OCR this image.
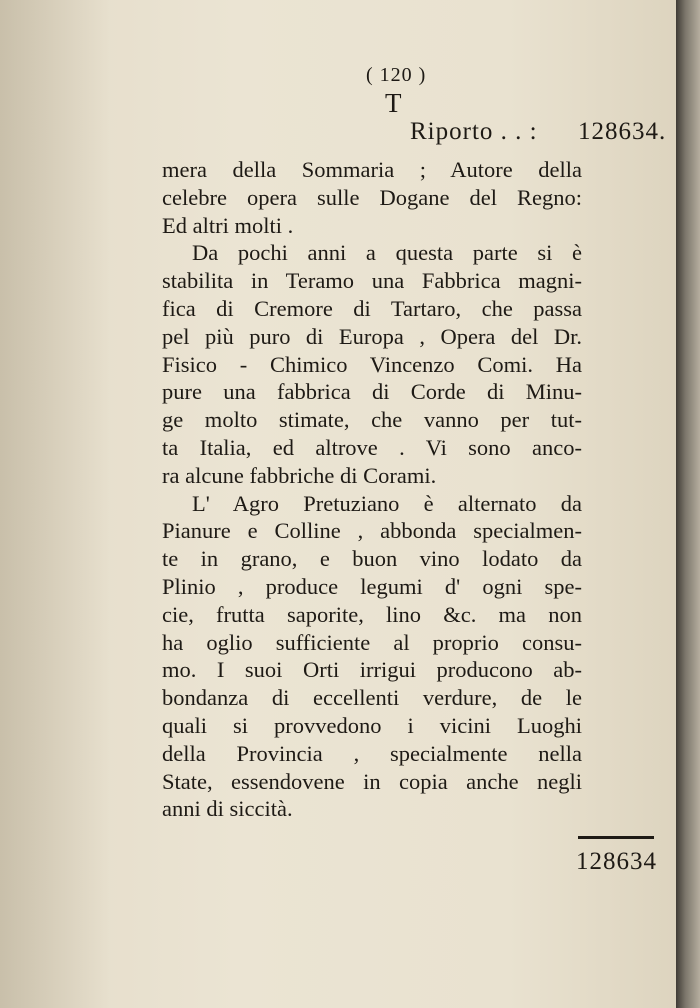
( 120 )
T
Riporto . . : 128634.
mera della Sommaria ; Autore della
celebre opera sulle Dogane del Regno:
Ed altri molti .
Da pochi anni a questa parte si è
stabilita in Teramo una Fabbrica magni-
fica di Cremore di Tartaro, che passa
pel più puro di Europa , Opera del Dr.
Fisico - Chimico Vincenzo Comi. Ha
pure una fabbrica di Corde di Minu-
ge molto stimate, che vanno per tut-
ta Italia, ed altrove . Vi sono anco-
ra alcune fabbriche di Corami.
L' Agro Pretuziano è alternato da
Pianure e Colline , abbonda specialmen-
te in grano, e buon vino lodato da
Plinio , produce legumi d' ogni spe-
cie, frutta saporite, lino &c. ma non
ha oglio sufficiente al proprio consu-
mo. I suoi Orti irrigui producono ab-
bondanza di eccellenti verdure, de le
quali si provvedono i vicini Luoghi
della Provincia , specialmente nella
State, essendovene in copia anche negli
anni di siccità.
128634
